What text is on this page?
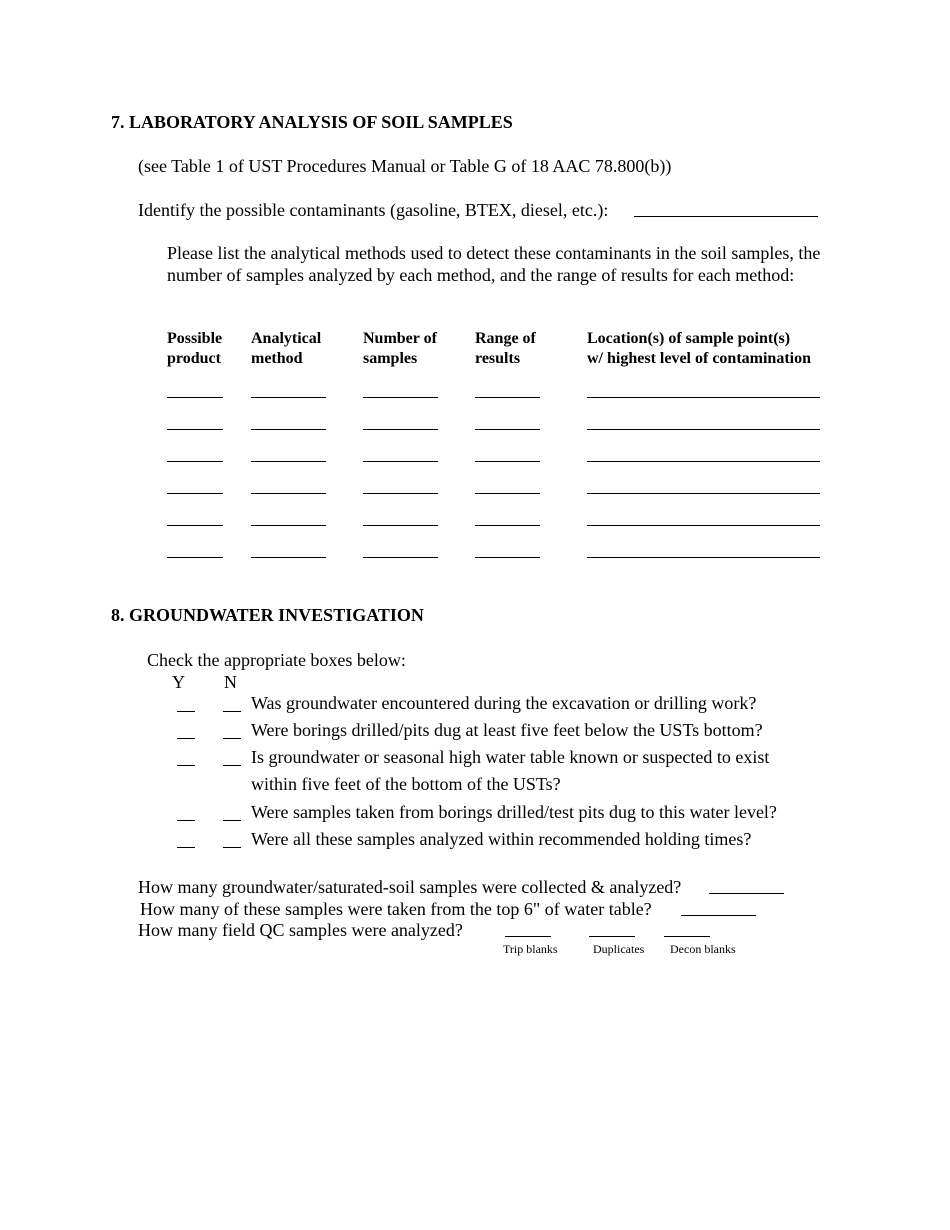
7. LABORATORY ANALYSIS OF SOIL SAMPLES
(see Table 1 of UST Procedures Manual or Table G of 18 AAC 78.800(b))
Identify the possible contaminants (gasoline, BTEX, diesel, etc.):
Please list the analytical methods used to detect these contaminants in the soil samples, the number of samples analyzed by each method, and the range of results for each method:
Possible
product
Analytical
method
Number of
samples
Range of
results
Location(s) of sample point(s)
w/ highest level of contamination
8. GROUNDWATER INVESTIGATION
Check the appropriate boxes below:
Y N
Was groundwater encountered during the excavation or drilling work?
Were borings drilled/pits dug at least five feet below the USTs bottom?
Is groundwater or seasonal high water table known or suspected to exist
within five feet of the bottom of the USTs?
Were samples taken from borings drilled/test pits dug to this water level?
Were all these samples analyzed within recommended holding times?
How many groundwater/saturated-soil samples were collected & analyzed?
How many of these samples were taken from the top 6" of water table?
How many field QC samples were analyzed?
Trip blanks	Duplicates Decon blanks
